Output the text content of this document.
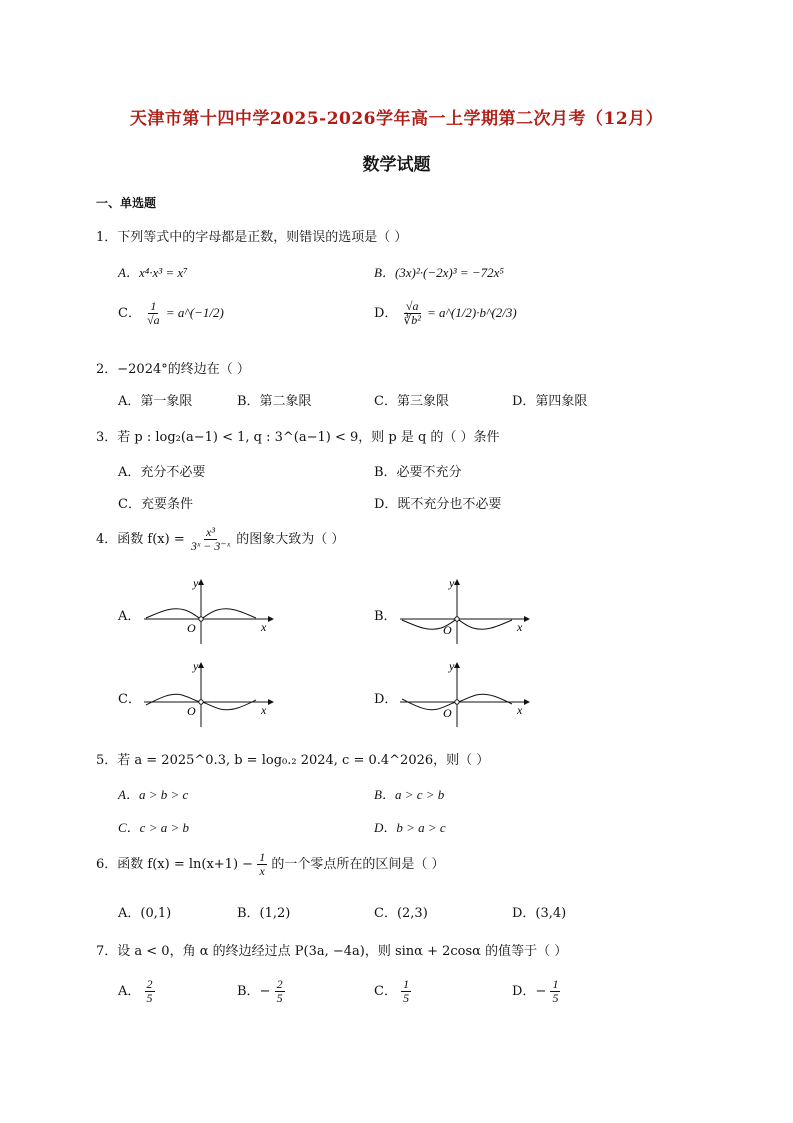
天津市第十四中学2025-2026学年高一上学期第二次月考（12月）
数学试题
一、单选题
1．下列等式中的字母都是正数，则错误的选项是（ ）
A．x⁴·x³ = x⁷	B．(3x)²·(−2x)³ = −72x⁵
C． $\frac{1}{√a}$ = a^(−1/2)	D． $\frac{√a}{\text{∛b²}}$ = a^(1/2)·b^(2/3)
2．−2024°的终边在（ ）
A．第一象限	B．第二象限	C．第三象限	D．第四象限
3．若 p : log₂(a−1) < 1, q : 3^(a−1) < 9，则 p 是 q 的（ ）条件
A．充分不必要	B．必要不充分
C．充要条件	D．既不充分也不必要
4．函数 $f(x) = \frac{\text{x³}}{\text{3ˣ − 3⁻ˣ}}$ 的图象大致为（ ）
A．
y
x
O
B．
y
x
O
C．
y
x
O
D．
y
x
O
5．若 a = 2025^0.3, b = log₀.₂ 2024, c = 0.4^2026，则（ ）
A．a > b > c	B．a > c > b
C．c > a > b	D．b > a > c
6．函数 $f(x) = \ln(x+1) - \frac{1}{x}$ 的一个零点所在的区间是（ ）
A．(0,1)	B．(1,2)	C．(2,3)	D．(3,4)
7．设 a < 0，角 α 的终边经过点 P(3a, −4a)，则 sinα + 2cosα 的值等于（ ）
A． $\frac{2}{5}$	B．− $\frac{2}{5}$	C． $\frac{1}{5}$	D．− $\frac{1}{5}$
